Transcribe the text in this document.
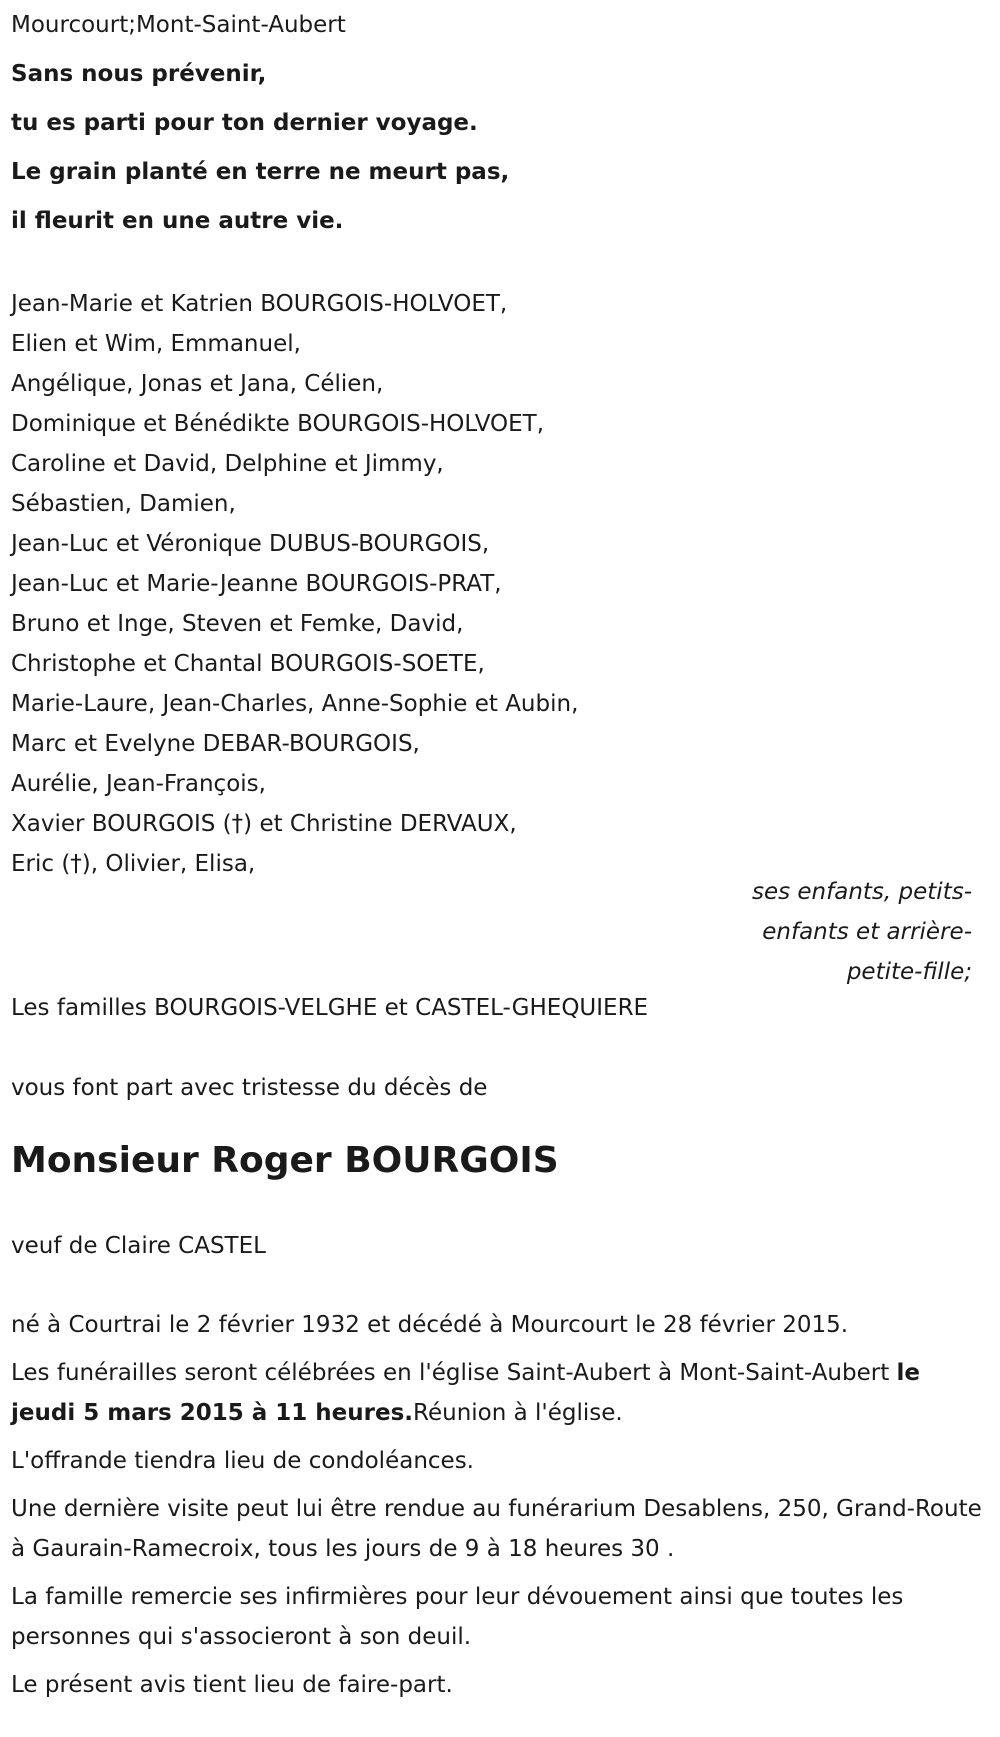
Mourcourt;Mont-Saint-Aubert
Sans nous prévenir,
tu es parti pour ton dernier voyage.
Le grain planté en terre ne meurt pas,
il fleurit en une autre vie.
Jean-Marie et Katrien BOURGOIS-HOLVOET,
Elien et Wim, Emmanuel,
Angélique, Jonas et Jana, Célien,
Dominique et Bénédikte BOURGOIS-HOLVOET,
Caroline et David, Delphine et Jimmy,
Sébastien, Damien,
Jean-Luc et Véronique DUBUS-BOURGOIS,
Jean-Luc et Marie-Jeanne BOURGOIS-PRAT,
Bruno et Inge, Steven et Femke, David,
Christophe et Chantal BOURGOIS-SOETE,
Marie-Laure, Jean-Charles, Anne-Sophie et Aubin,
Marc et Evelyne DEBAR-BOURGOIS,
Aurélie, Jean-François,
Xavier BOURGOIS (†) et Christine DERVAUX,
Eric (†), Olivier, Elisa,
ses enfants, petits-enfants et arrière-petite-fille;
Les familles BOURGOIS-VELGHE et CASTEL-GHEQUIERE
vous font part avec tristesse du décès de
Monsieur Roger BOURGOIS
veuf de Claire CASTEL

né à Courtrai le 2 février 1932 et décédé à Mourcourt le 28 février 2015.

Les funérailles seront célébrées en l'église Saint-Aubert à Mont-Saint-Aubert le jeudi 5 mars 2015 à 11 heures.Réunion à l'église.

L'offrande tiendra lieu de condoléances.

Une dernière visite peut lui être rendue au funérarium Desablens, 250, Grand-Route à Gaurain-Ramecroix, tous les jours de 9 à 18 heures 30 .

La famille remercie ses infirmières pour leur dévouement ainsi que toutes les personnes qui s'associeront à son deuil.

Le présent avis tient lieu de faire-part.
